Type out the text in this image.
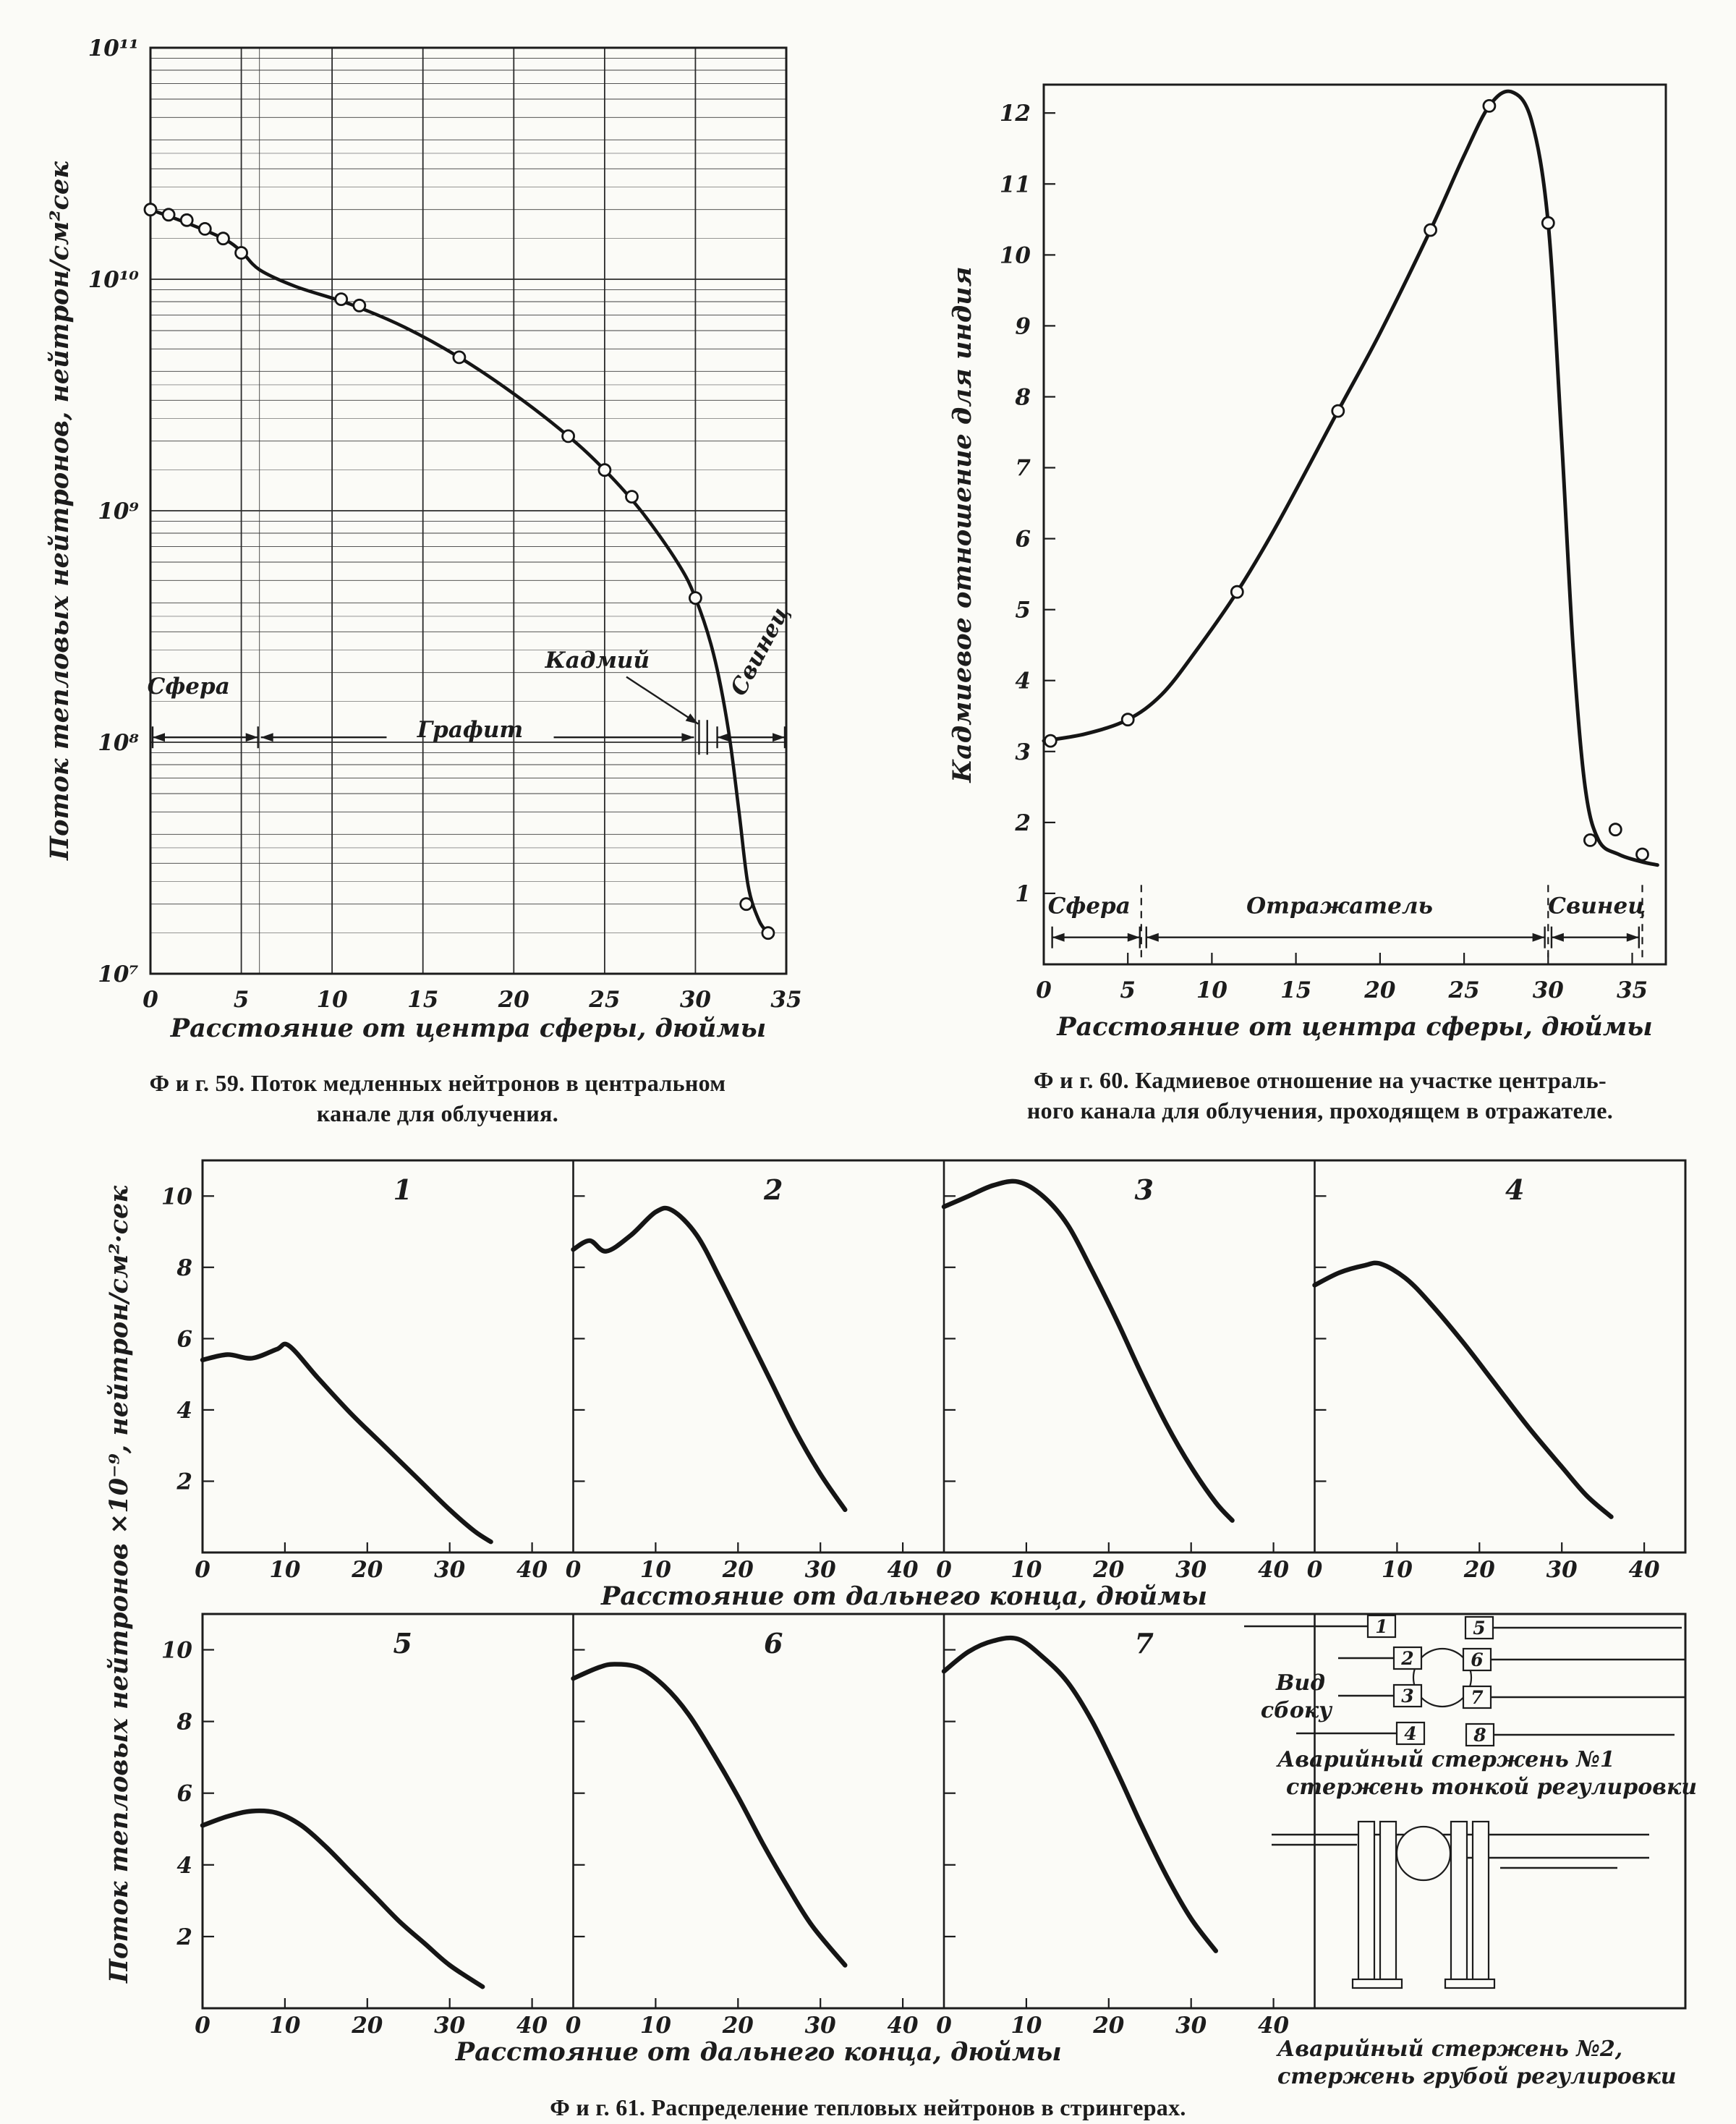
0	5	10	15	20	25	30	35
10⁷
10⁸
10⁹
10¹⁰
10¹¹
Расстояние от центра сферы, дюймы
Поток тепловых нейтронов, нейтрон/см²сек	Сфера
Графит
Кадмий	Свинец
Ф и г. 59. Поток медленных нейтронов в центральном
канале для облучения.
1
2
3
4
5
6
7
8
9
10
11
12
0	5	10 15 20 25 30 35
Расстояние от центра сферы, дюймы
Кадмиевое отношение для индия
Сфера	Отражатель	Свинец
Ф и г. 60. Кадмиевое отношение на участке централь-
ного канала для облучения, проходящем в отражателе.
2
4
6
8
10
0	10 20 30 40
1
0	10 20 30 40
2
0	10 20 30 40
3
0	10 20 30 40
4
2
4
6
8
10
0	10 20 30 40
5
0	10 20 30 40
6
0	10 20 30 40
7
Расстояние от дальнего конца, дюймы
Расстояние от дальнего конца, дюймы
Поток тепловых нейтронов ×10⁻⁹, нейтрон/см²·сек	1	5
2	6
3	7
4	8
Вид
сбоку
Аварийный стержень №1
стержень тонкой регулировки
Аварийный стержень №2,
стержень грубой регулировки
Ф и г. 61. Распределение тепловых нейтронов в стрингерах.
